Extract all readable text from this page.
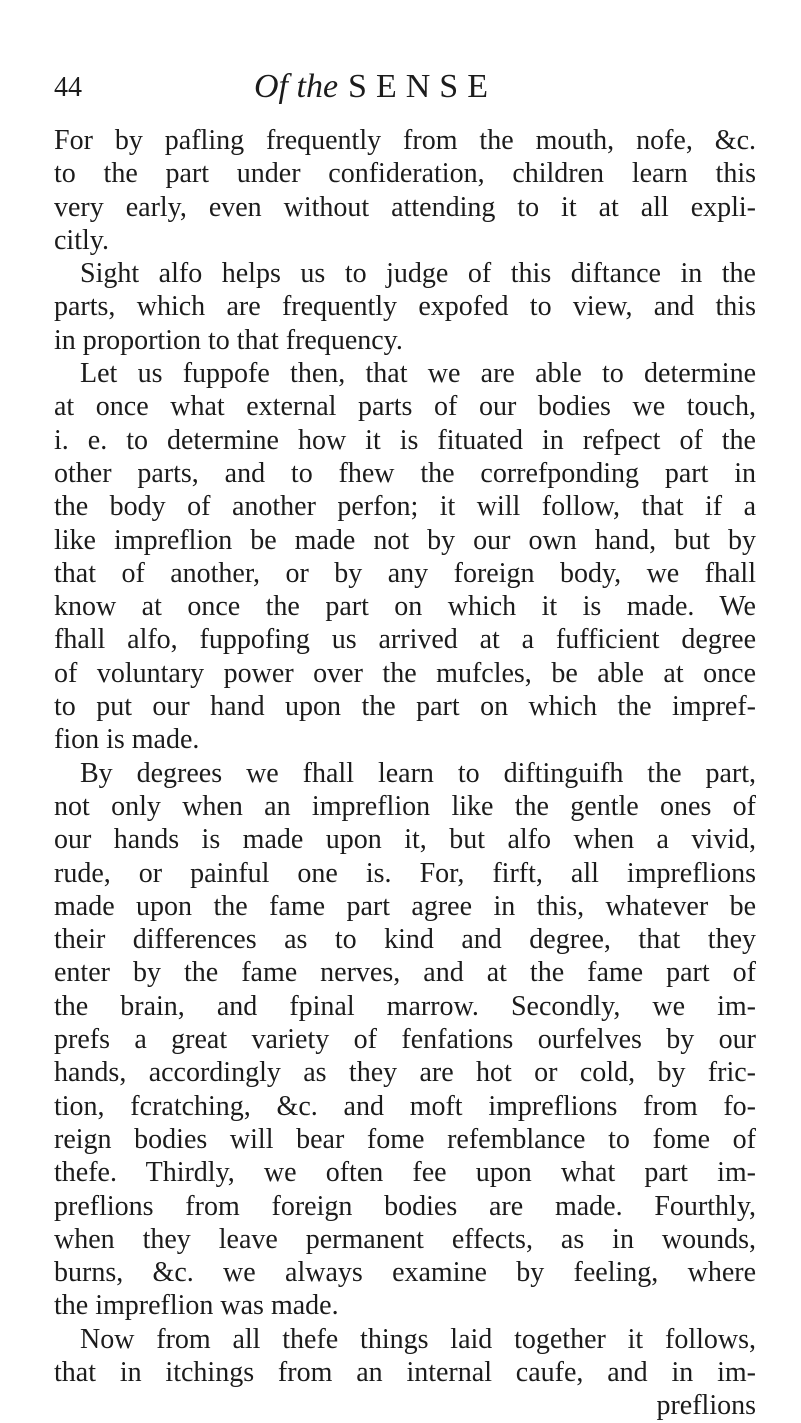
44	Of the SENSE
For by pafling frequently from the mouth, nofe, &c.
to the part under confideration, children learn this
very early, even without attending to it at all expli-
citly.
Sight alfo helps us to judge of this diftance in the
parts, which are frequently expofed to view, and this
in proportion to that frequency.
Let us fuppofe then, that we are able to determine
at once what external parts of our bodies we touch,
i. e. to determine how it is fituated in refpect of the
other parts, and to fhew the correfponding part in
the body of another perfon; it will follow, that if a
like impreflion be made not by our own hand, but by
that of another, or by any foreign body, we fhall
know at once the part on which it is made. We
fhall alfo, fuppofing us arrived at a fufficient degree
of voluntary power over the mufcles, be able at once
to put our hand upon the part on which the impref-
fion is made.
By degrees we fhall learn to diftinguifh the part,
not only when an impreflion like the gentle ones of
our hands is made upon it, but alfo when a vivid,
rude, or painful one is. For, firft, all impreflions
made upon the fame part agree in this, whatever be
their differences as to kind and degree, that they
enter by the fame nerves, and at the fame part of
the brain, and fpinal marrow. Secondly, we im-
prefs a great variety of fenfations ourfelves by our
hands, accordingly as they are hot or cold, by fric-
tion, fcratching, &c. and moft impreflions from fo-
reign bodies will bear fome refemblance to fome of
thefe. Thirdly, we often fee upon what part im-
preflions from foreign bodies are made. Fourthly,
when they leave permanent effects, as in wounds,
burns, &c. we always examine by feeling, where
the impreflion was made.
Now from all thefe things laid together it follows,
that in itchings from an internal caufe, and in im-
preflions
